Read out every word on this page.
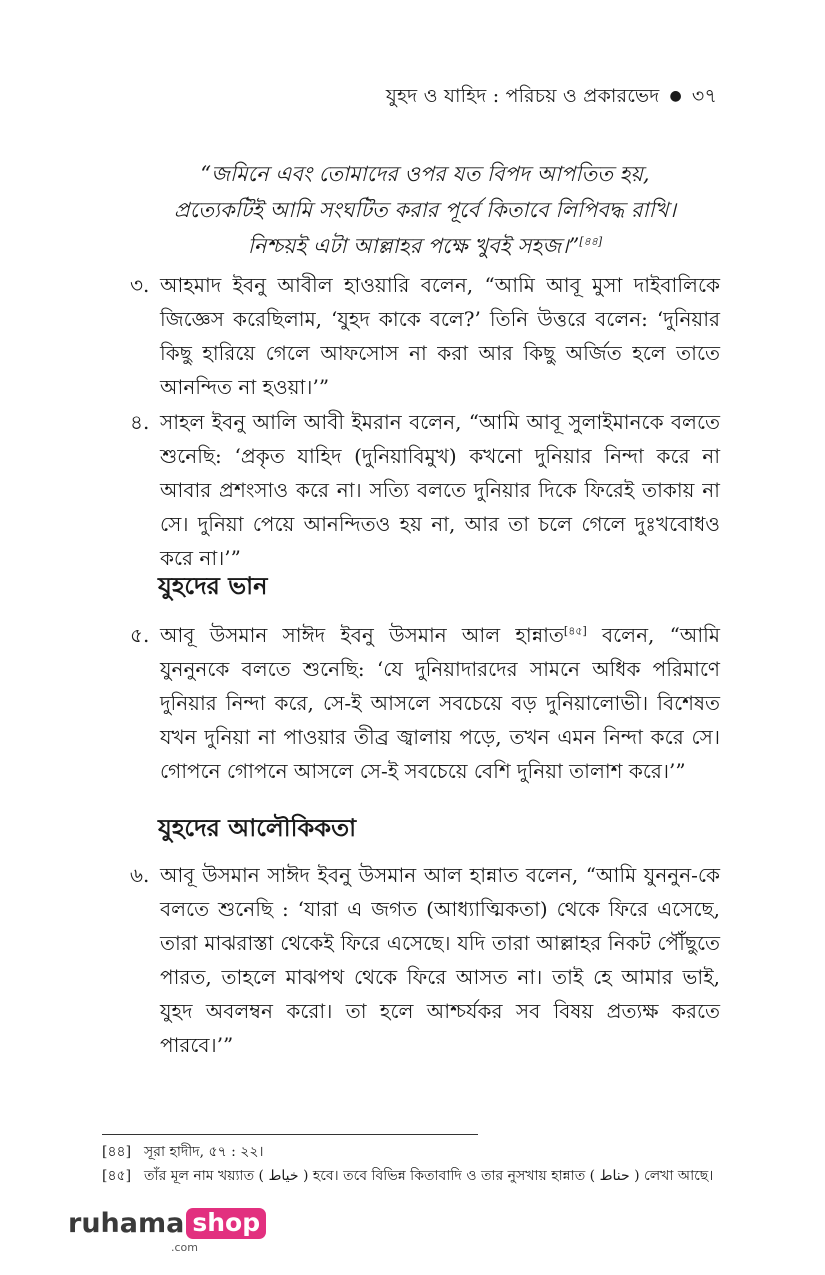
যুহদ ও যাহিদ : পরিচয় ও প্রকারভেদ ● ৩৭
“জমিনে এবং তোমাদের ওপর যত বিপদ আপতিত হয়, প্রত্যেকটিই আমি সংঘটিত করার পূর্বে কিতাবে লিপিবদ্ধ রাখি। নিশ্চয়ই এটা আল্লাহর পক্ষে খুবই সহজ।”[৪৪]
৩. আহমাদ ইবনু আবীল হাওয়ারি বলেন, “আমি আবূ মুসা দাইবালিকে জিজ্ঞেস করেছিলাম, ‘যুহদ কাকে বলে?’ তিনি উত্তরে বলেন: ‘দুনিয়ার কিছু হারিয়ে গেলে আফসোস না করা আর কিছু অর্জিত হলে তাতে আনন্দিত না হওয়া।’”
৪. সাহল ইবনু আলি আবী ইমরান বলেন, “আমি আবূ সুলাইমানকে বলতে শুনেছি: ‘প্রকৃত যাহিদ (দুনিয়াবিমুখ) কখনো দুনিয়ার নিন্দা করে না আবার প্রশংসাও করে না। সত্যি বলতে দুনিয়ার দিকে ফিরেই তাকায় না সে। দুনিয়া পেয়ে আনন্দিতও হয় না, আর তা চলে গেলে দুঃখবোধও করে না।’”
যুহদের ভান
৫. আবূ উসমান সাঈদ ইবনু উসমান আল হান্নাত[৪৫] বলেন, “আমি যুননুনকে বলতে শুনেছি: ‘যে দুনিয়াদারদের সামনে অধিক পরিমাণে দুনিয়ার নিন্দা করে, সে-ই আসলে সবচেয়ে বড় দুনিয়ালোভী। বিশেষত যখন দুনিয়া না পাওয়ার তীব্র জ্বালায় পড়ে, তখন এমন নিন্দা করে সে। গোপনে গোপনে আসলে সে-ই সবচেয়ে বেশি দুনিয়া তালাশ করে।’”
যুহদের আলৌকিকতা
৬. আবূ উসমান সাঈদ ইবনু উসমান আল হান্নাত বলেন, “আমি যুননুন-কে বলতে শুনেছি : ‘যারা এ জগত (আধ্যাত্মিকতা) থেকে ফিরে এসেছে, তারা মাঝরাস্তা থেকেই ফিরে এসেছে। যদি তারা আল্লাহর নিকট পৌঁছুতে পারত, তাহলে মাঝপথ থেকে ফিরে আসত না। তাই হে আমার ভাই, যুহদ অবলম্বন করো। তা হলে আশ্চর্যকর সব বিষয় প্রত্যক্ষ করতে পারবে।’”
[৪৪] সূরা হাদীদ, ৫৭ : ২২।
[৪৫] তাঁর মূল নাম খয়্যাত ( خياط ) হবে। তবে বিভিন্ন কিতাবাদি ও তার নুসখায় হান্নাত ( حناط ) লেখা আছে।
ruhama shop
.com
